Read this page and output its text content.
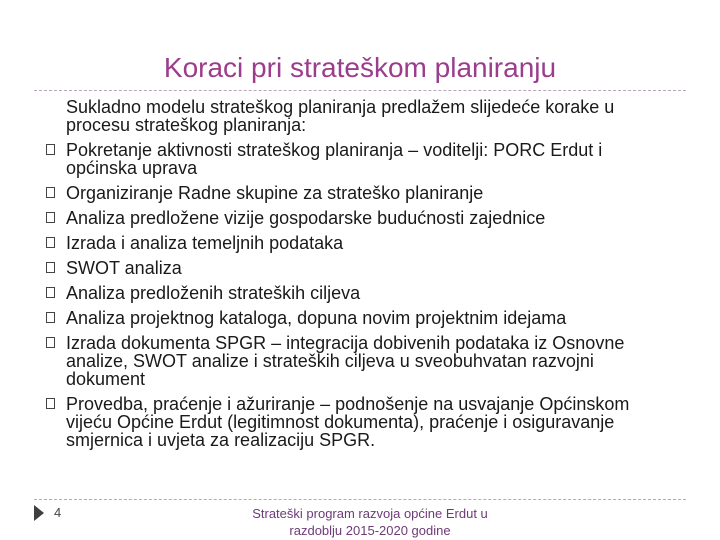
Koraci pri strateškom planiranju
Sukladno modelu strateškog planiranja predlažem slijedeće korake u procesu strateškog planiranja:
Pokretanje aktivnosti strateškog planiranja – voditelji: PORC Erdut i općinska uprava
Organiziranje Radne skupine za strateško planiranje
Analiza predložene vizije gospodarske budućnosti zajednice
Izrada i analiza temeljnih podataka
SWOT analiza
Analiza predloženih strateških ciljeva
Analiza projektnog kataloga, dopuna novim projektnim idejama
Izrada dokumenta SPGR – integracija dobivenih podataka iz Osnovne analize, SWOT analize i strateških ciljeva u sveobuhvatan razvojni dokument
Provedba, praćenje i ažuriranje – podnošenje na usvajanje Općinskom vijeću Općine Erdut (legitimnost dokumenta), praćenje i osiguravanje smjernica i uvjeta za realizaciju SPGR.
4	Strateški program razvoja općine Erdut u
razdoblju 2015-2020 godine
